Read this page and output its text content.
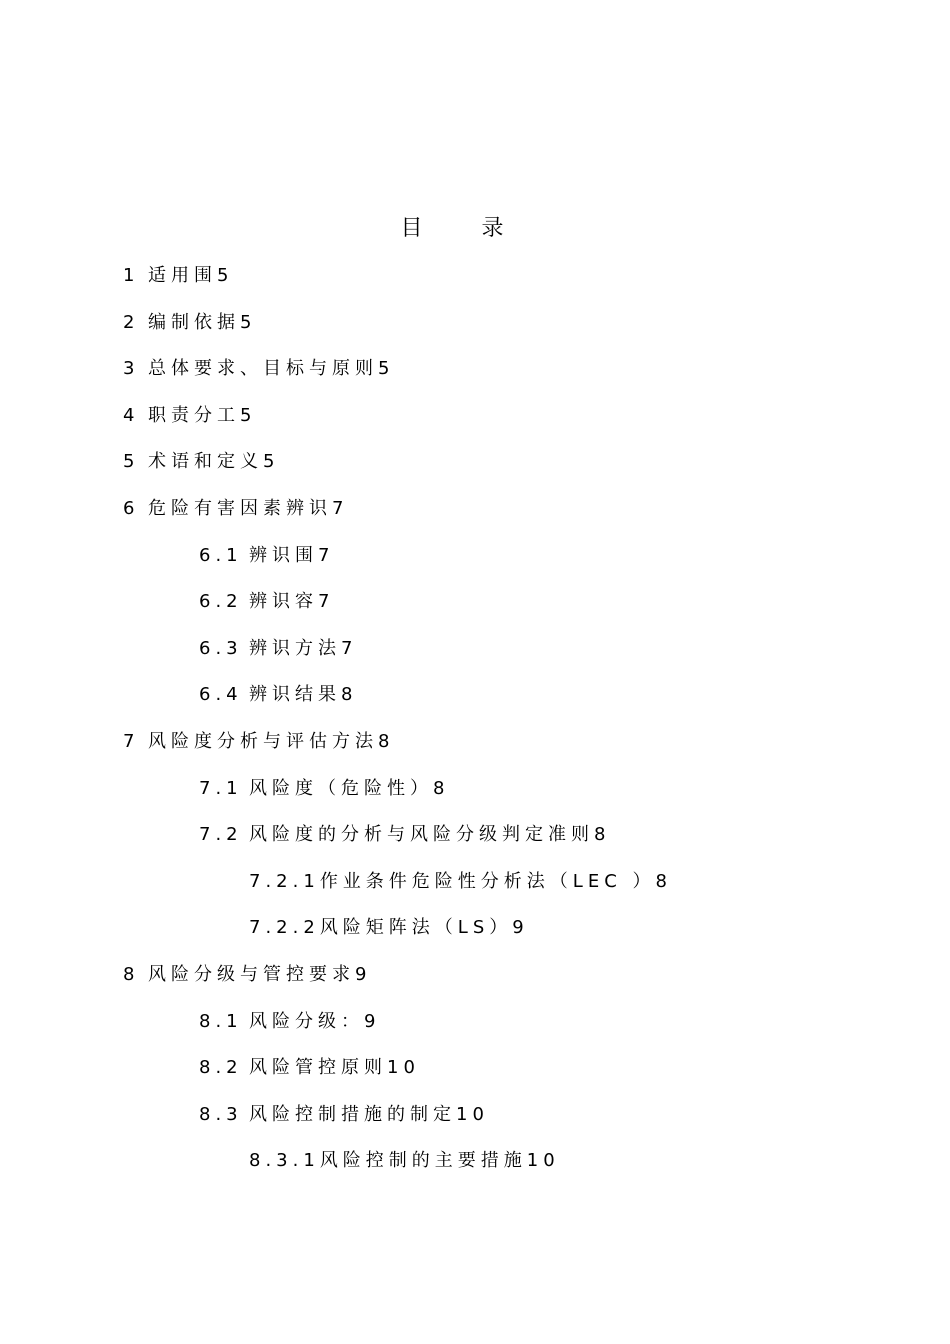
目 录
1 适用围5
2 编制依据5
3 总体要求、目标与原则5
4 职责分工5
5 术语和定义5
6 危险有害因素辨识7
6.1 辨识围7
6.2 辨识容7
6.3 辨识方法7
6.4 辨识结果8
7 风险度分析与评估方法8
7.1 风险度（危险性）8
7.2 风险度的分析与风险分级判定准则8
7.2.1作业条件危险性分析法（LEC ）8
7.2.2风险矩阵法（LS）9
8 风险分级与管控要求9
8.1 风险分级：9
8.2 风险管控原则10
8.3 风险控制措施的制定10
8.3.1风险控制的主要措施10
